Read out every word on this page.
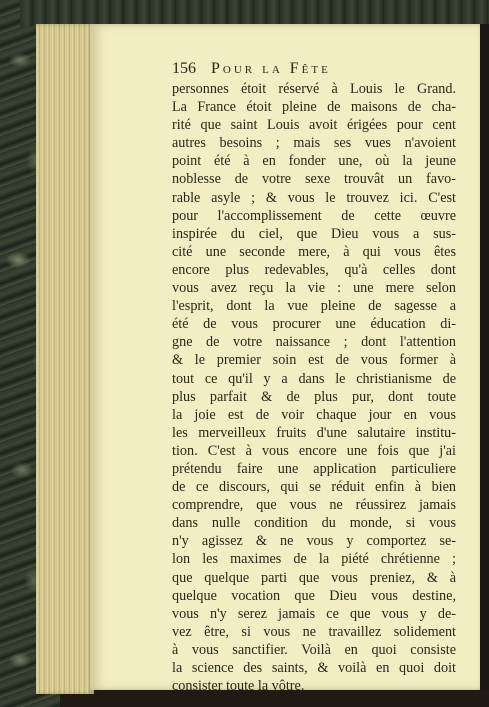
156 Pour la Fête
personnes étoit réservé à Louis le Grand.
La France étoit pleine de maisons de cha-
rité que saint Louis avoit érigées pour cent
autres besoins ; mais ses vues n'avoient
point été à en fonder une, où la jeune
noblesse de votre sexe trouvât un favo-
rable asyle ; & vous le trouvez ici. C'est
pour l'accomplissement de cette œuvre
inspirée du ciel, que Dieu vous a sus-
cité une seconde mere, à qui vous êtes
encore plus redevables, qu'à celles dont
vous avez reçu la vie : une mere selon
l'esprit, dont la vue pleine de sagesse a
été de vous procurer une éducation di-
gne de votre naissance ; dont l'attention
& le premier soin est de vous former à
tout ce qu'il y a dans le christianisme de
plus parfait & de plus pur, dont toute
la joie est de voir chaque jour en vous
les merveilleux fruits d'une salutaire institu-
tion. C'est à vous encore une fois que j'ai
prétendu faire une application particuliere
de ce discours, qui se réduit enfin à bien
comprendre, que vous ne réussirez jamais
dans nulle condition du monde, si vous
n'y agissez & ne vous y comportez se-
lon les maximes de la piété chrétienne ;
que quelque parti que vous preniez, & à
quelque vocation que Dieu vous destine,
vous n'y serez jamais ce que vous y de-
vez être, si vous ne travaillez solidement
à vous sanctifier. Voilà en quoi consiste
la science des saints, & voilà en quoi doit
consister toute la vôtre.
